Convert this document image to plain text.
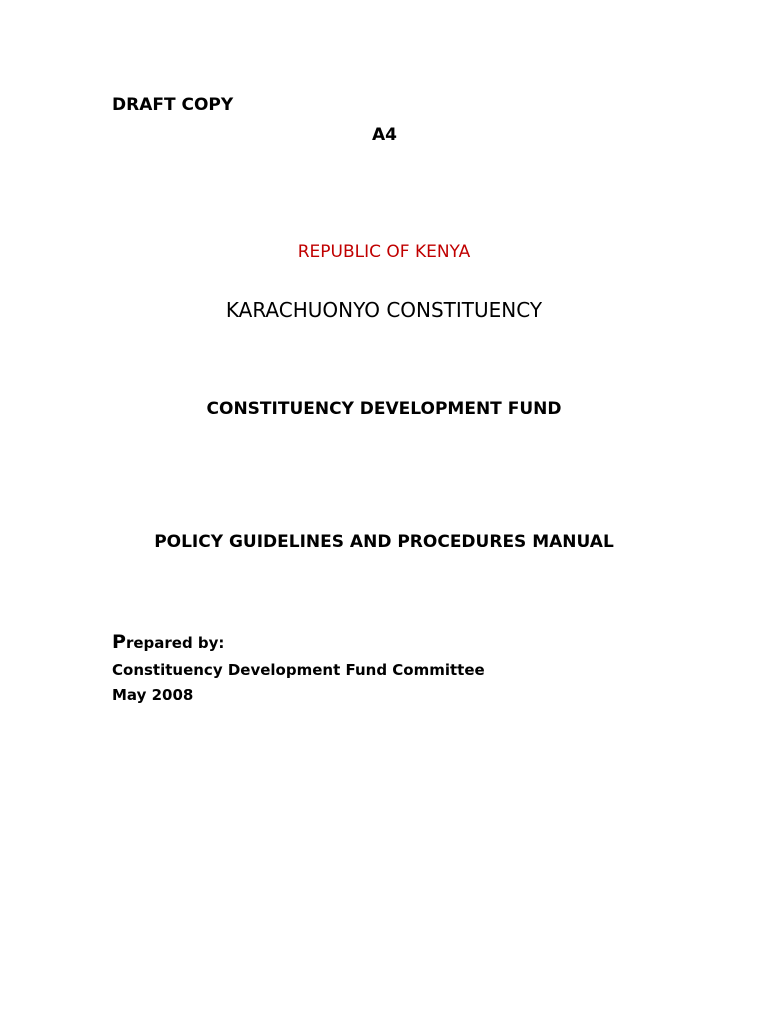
DRAFT COPY
A4
REPUBLIC OF KENYA
KARACHUONYO CONSTITUENCY
CONSTITUENCY DEVELOPMENT FUND
POLICY GUIDELINES AND PROCEDURES MANUAL
Prepared by:
Constituency Development Fund Committee
May 2008
